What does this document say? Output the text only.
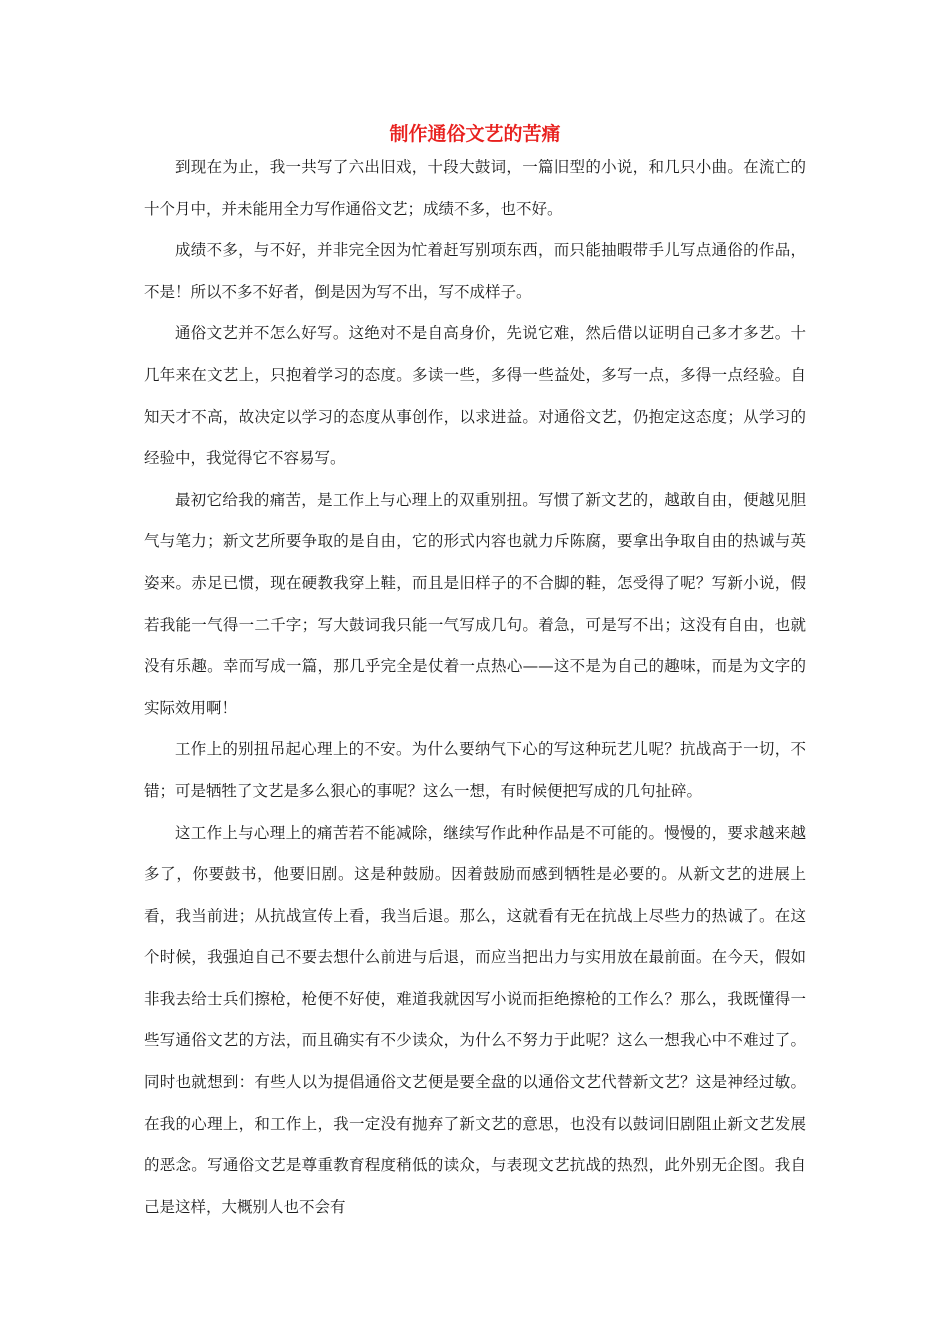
制作通俗文艺的苦痛

到现在为止，我一共写了六出旧戏，十段大鼓词，一篇旧型的小说，和几只小曲。在流亡的十个月中，并未能用全力写作通俗文艺；成绩不多，也不好。

成绩不多，与不好，并非完全因为忙着赶写别项东西，而只能抽暇带手儿写点通俗的作品，不是！所以不多不好者，倒是因为写不出，写不成样子。

通俗文艺并不怎么好写。这绝对不是自高身价，先说它难，然后借以证明自己多才多艺。十几年来在文艺上，只抱着学习的态度。多读一些，多得一些益处，多写一点，多得一点经验。自知天才不高，故决定以学习的态度从事创作，以求进益。对通俗文艺，仍抱定这态度；从学习的经验中，我觉得它不容易写。

最初它给我的痛苦，是工作上与心理上的双重别扭。写惯了新文艺的，越敢自由，便越见胆气与笔力；新文艺所要争取的是自由，它的形式内容也就力斥陈腐，要拿出争取自由的热诚与英姿来。赤足已惯，现在硬教我穿上鞋，而且是旧样子的不合脚的鞋，怎受得了呢？写新小说，假若我能一气得一二千字；写大鼓词我只能一气写成几句。着急，可是写不出；这没有自由，也就没有乐趣。幸而写成一篇，那几乎完全是仗着一点热心——这不是为自己的趣味，而是为文字的实际效用啊！

工作上的别扭吊起心理上的不安。为什么要纳气下心的写这种玩艺儿呢？抗战高于一切，不错；可是牺牲了文艺是多么狠心的事呢？这么一想，有时候便把写成的几句扯碎。

这工作上与心理上的痛苦若不能减除，继续写作此种作品是不可能的。慢慢的，要求越来越多了，你要鼓书，他要旧剧。这是种鼓励。因着鼓励而感到牺牲是必要的。从新文艺的进展上看，我当前进；从抗战宣传上看，我当后退。那么，这就看有无在抗战上尽些力的热诚了。在这个时候，我强迫自己不要去想什么前进与后退，而应当把出力与实用放在最前面。在今天，假如非我去给士兵们擦枪，枪便不好使，难道我就因写小说而拒绝擦枪的工作么？那么，我既懂得一些写通俗文艺的方法，而且确实有不少读众，为什么不努力于此呢？这么一想我心中不难过了。同时也就想到：有些人以为提倡通俗文艺便是要全盘的以通俗文艺代替新文艺？这是神经过敏。在我的心理上，和工作上，我一定没有抛弃了新文艺的意思，也没有以鼓词旧剧阻止新文艺发展的恶念。写通俗文艺是尊重教育程度稍低的读众，与表现文艺抗战的热烈，此外别无企图。我自己是这样，大概别人也不会有
